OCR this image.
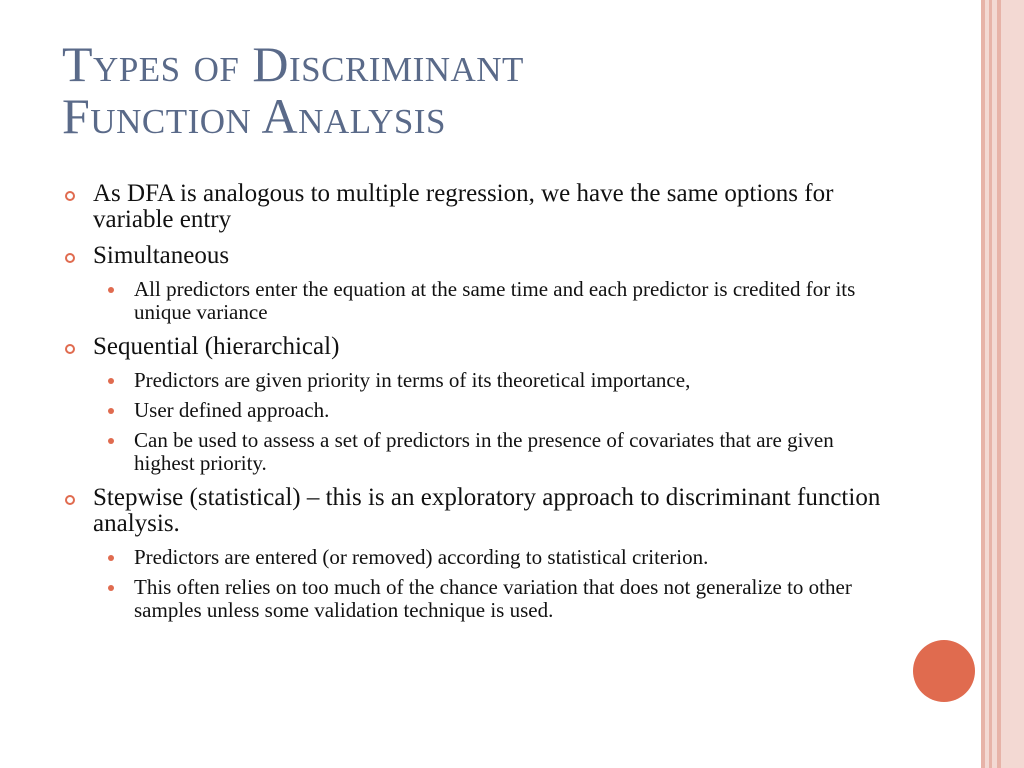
Types of Discriminant
Function Analysis
As DFA is analogous to multiple regression, we have the same options for variable entry
Simultaneous
All predictors enter the equation at the same time and each predictor is credited for its unique variance
Sequential (hierarchical)
Predictors are given priority in terms of its theoretical importance,
User defined approach.
Can be used to assess a set of predictors in the presence of covariates that are given highest priority.
Stepwise (statistical) – this is an exploratory approach to discriminant function analysis.
Predictors are entered (or removed) according to statistical criterion.
This often relies on too much of the chance variation that does not generalize to other samples unless some validation technique is used.
